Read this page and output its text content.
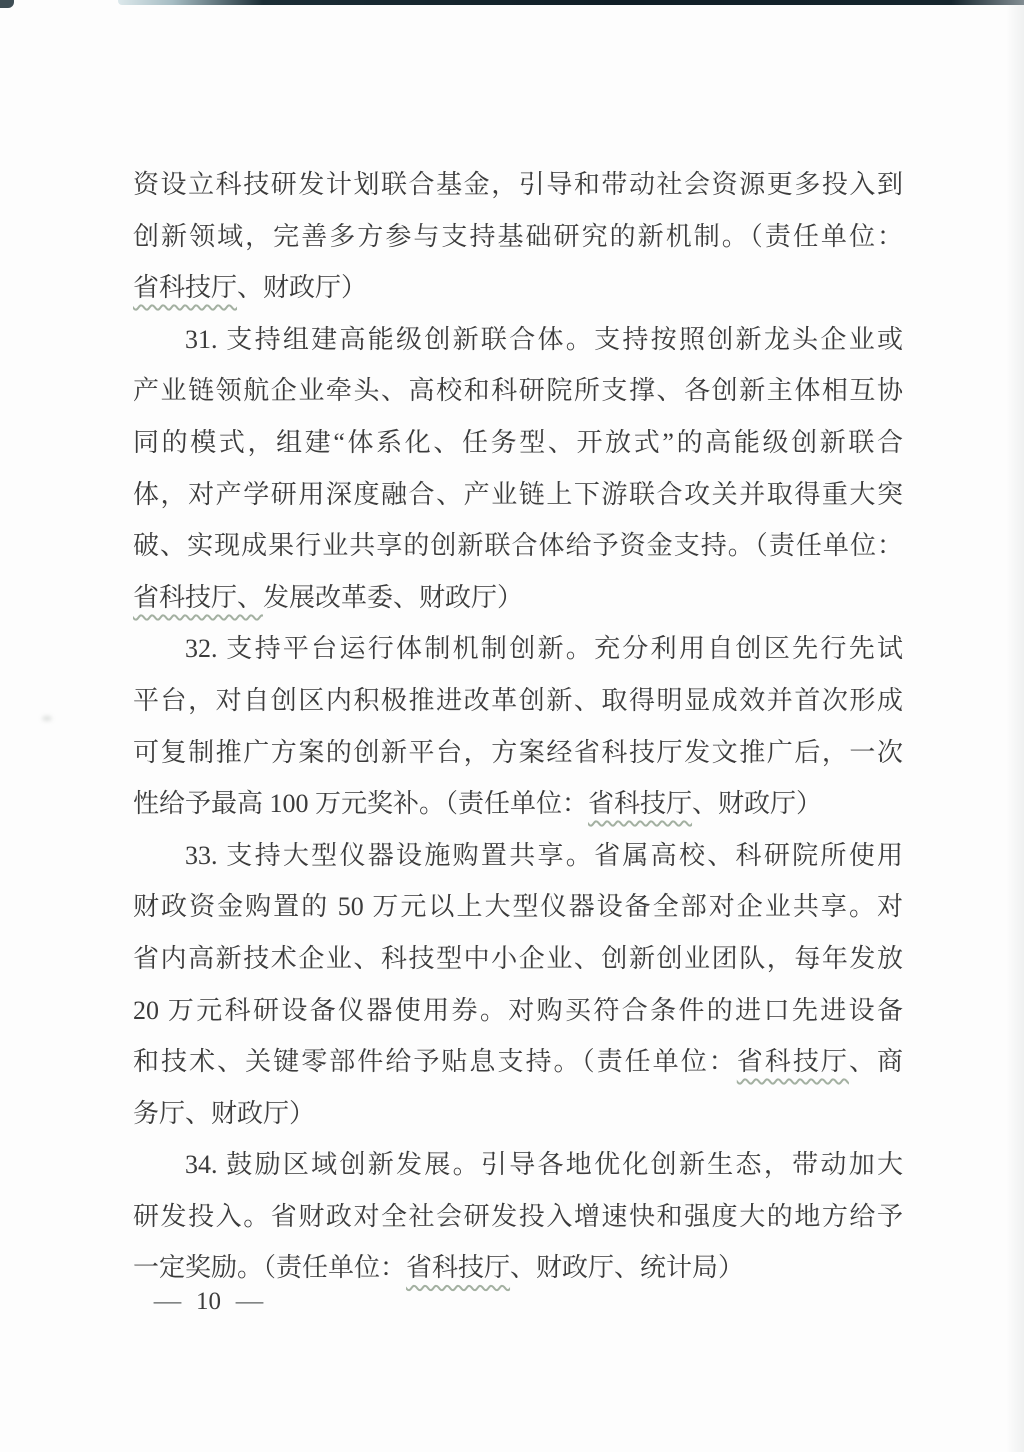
资设立科技研发计划联合基金，引导和带动社会资源更多投入到
创新领域，完善多方参与支持基础研究的新机制。（责任单位：
省科技厅、财政厅）
31. 支持组建高能级创新联合体。支持按照创新龙头企业或
产业链领航企业牵头、高校和科研院所支撑、各创新主体相互协
同的模式，组建“体系化、任务型、开放式”的高能级创新联合
体，对产学研用深度融合、产业链上下游联合攻关并取得重大突
破、实现成果行业共享的创新联合体给予资金支持。（责任单位：
省科技厅、发展改革委、财政厅）
32. 支持平台运行体制机制创新。充分利用自创区先行先试
平台，对自创区内积极推进改革创新、取得明显成效并首次形成
可复制推广方案的创新平台，方案经省科技厅发文推广后，一次
性给予最高 100 万元奖补。（责任单位：省科技厅、财政厅）
33. 支持大型仪器设施购置共享。省属高校、科研院所使用
财政资金购置的 50 万元以上大型仪器设备全部对企业共享。对
省内高新技术企业、科技型中小企业、创新创业团队，每年发放
20 万元科研设备仪器使用券。对购买符合条件的进口先进设备
和技术、关键零部件给予贴息支持。（责任单位：省科技厅、商
务厅、财政厅）
34. 鼓励区域创新发展。引导各地优化创新生态，带动加大
研发投入。省财政对全社会研发投入增速快和强度大的地方给予
一定奖励。（责任单位：省科技厅、财政厅、统计局）
— 10 —
